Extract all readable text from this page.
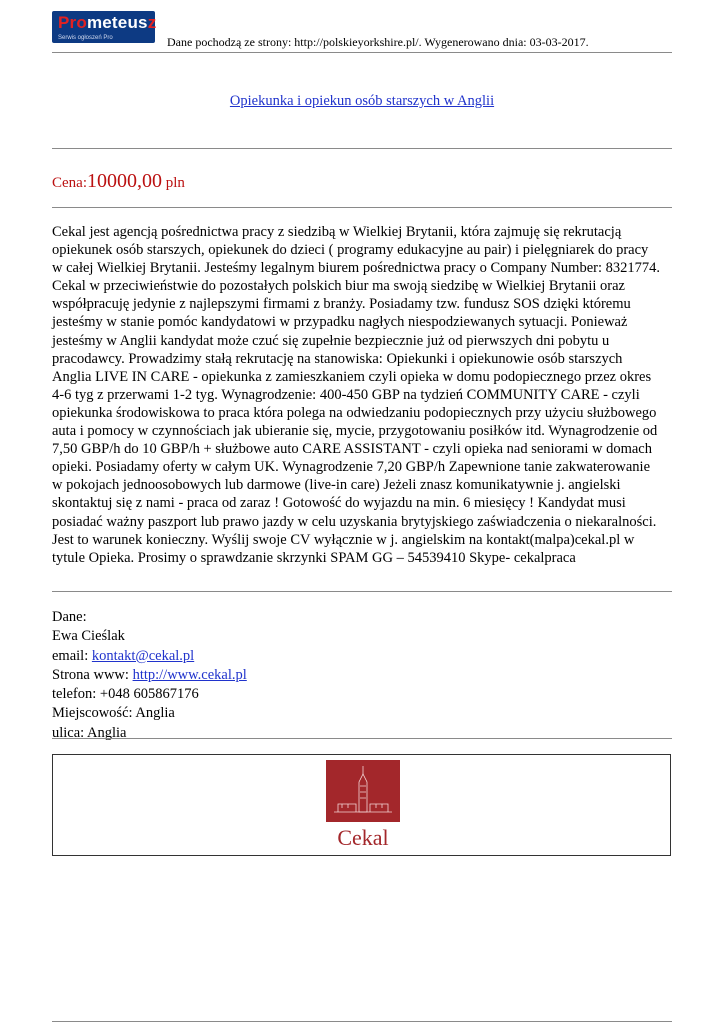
Prometeusz
Serwis ogłoszeń Pro	Dane pochodzą ze strony: http://polskieyorkshire.pl/. Wygenerowano dnia: 03-03-2017.
Opiekunka i opiekun osób starszych w Anglii
Cena:10000,00 pln

Cekal jest agencją pośrednictwa pracy z siedzibą w Wielkiej Brytanii, która zajmuję się rekrutacją
opiekunek osób starszych, opiekunek do dzieci ( programy edukacyjne au pair) i pielęgniarek do pracy
w całej Wielkiej Brytanii. Jesteśmy legalnym biurem pośrednictwa pracy o Company Number: 8321774.
Cekal w przeciwieństwie do pozostałych polskich biur ma swoją siedzibę w Wielkiej Brytanii oraz
współpracuję jedynie z najlepszymi firmami z branży. Posiadamy tzw. fundusz SOS dzięki któremu
jesteśmy w stanie pomóc kandydatowi w przypadku nagłych niespodziewanych sytuacji. Ponieważ
jesteśmy w Anglii kandydat może czuć się zupełnie bezpiecznie już od pierwszych dni pobytu u
pracodawcy. Prowadzimy stałą rekrutację na stanowiska: Opiekunki i opiekunowie osób starszych
Anglia LIVE IN CARE - opiekunka z zamieszkaniem czyli opieka w domu podopiecznego przez okres
4-6 tyg z przerwami 1-2 tyg. Wynagrodzenie: 400-450 GBP na tydzień COMMUNITY CARE - czyli
opiekunka środowiskowa to praca która polega na odwiedzaniu podopiecznych przy użyciu służbowego
auta i pomocy w czynnościach jak ubieranie się, mycie, przygotowaniu posiłków itd. Wynagrodzenie od
7,50 GBP/h do 10 GBP/h + służbowe auto CARE ASSISTANT - czyli opieka nad seniorami w domach
opieki. Posiadamy oferty w całym UK. Wynagrodzenie 7,20 GBP/h Zapewnione tanie zakwaterowanie
w pokojach jednoosobowych lub darmowe (live-in care) Jeżeli znasz komunikatywnie j. angielski
skontaktuj się z nami - praca od zaraz ! Gotowość do wyjazdu na min. 6 miesięcy ! Kandydat musi
posiadać ważny paszport lub prawo jazdy w celu uzyskania brytyjskiego zaświadczenia o niekaralności.
Jest to warunek konieczny. Wyślij swoje CV wyłącznie w j. angielskim na kontakt(malpa)cekal.pl w
tytule Opieka. Prosimy o sprawdzanie skrzynki SPAM GG – 54539410 Skype- cekalpraca

Dane:
Ewa Cieślak
email: kontakt@cekal.pl
Strona www: http://www.cekal.pl
telefon: +048 605867176
Miejscowość: Anglia
ulica: Anglia
Cekal
